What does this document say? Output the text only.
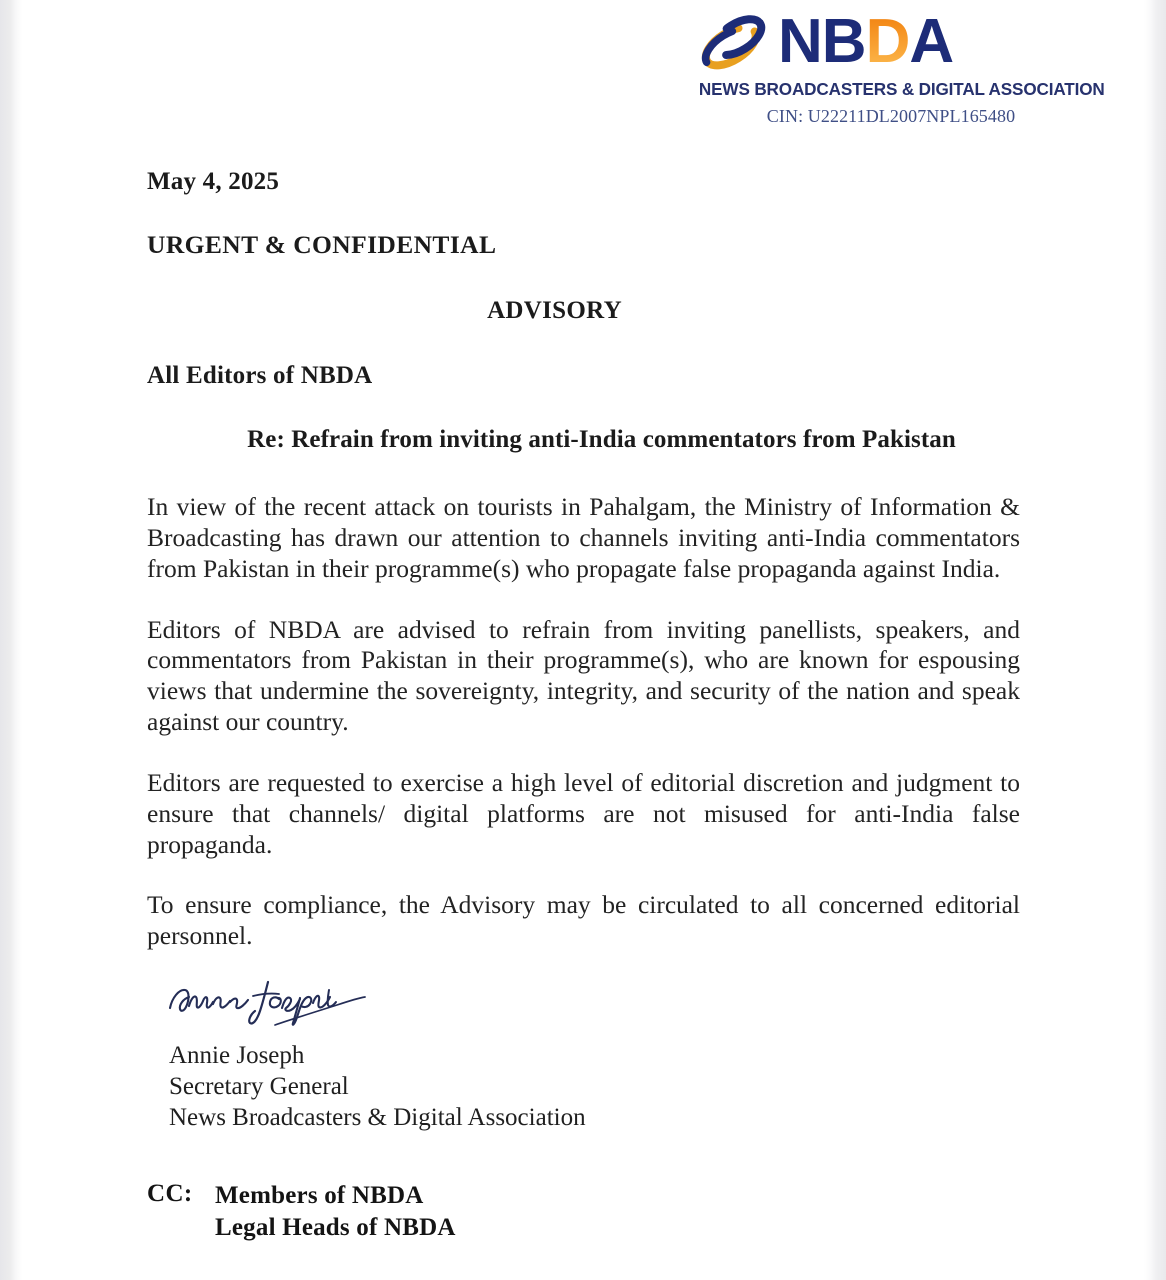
NBDA
NEWS BROADCASTERS & DIGITAL ASSOCIATION
CIN: U22211DL2007NPL165480

May 4, 2025

URGENT & CONFIDENTIAL

ADVISORY

All Editors of NBDA

Re: Refrain from inviting anti-India commentators from Pakistan

In view of the recent attack on tourists in Pahalgam, the Ministry of Information & Broadcasting has drawn our attention to channels inviting anti-India commentators from Pakistan in their programme(s) who propagate false propaganda against India.

Editors of NBDA are advised to refrain from inviting panellists, speakers, and commentators from Pakistan in their programme(s), who are known for espousing views that undermine the sovereignty, integrity, and security of the nation and speak against our country.

Editors are requested to exercise a high level of editorial discretion and judgment to ensure that channels/ digital platforms are not misused for anti-India false propaganda.

To ensure compliance, the Advisory may be circulated to all concerned editorial personnel.

Annie Joseph
Secretary General
News Broadcasters & Digital Association
CC: Members of NBDA
Legal Heads of NBDA
